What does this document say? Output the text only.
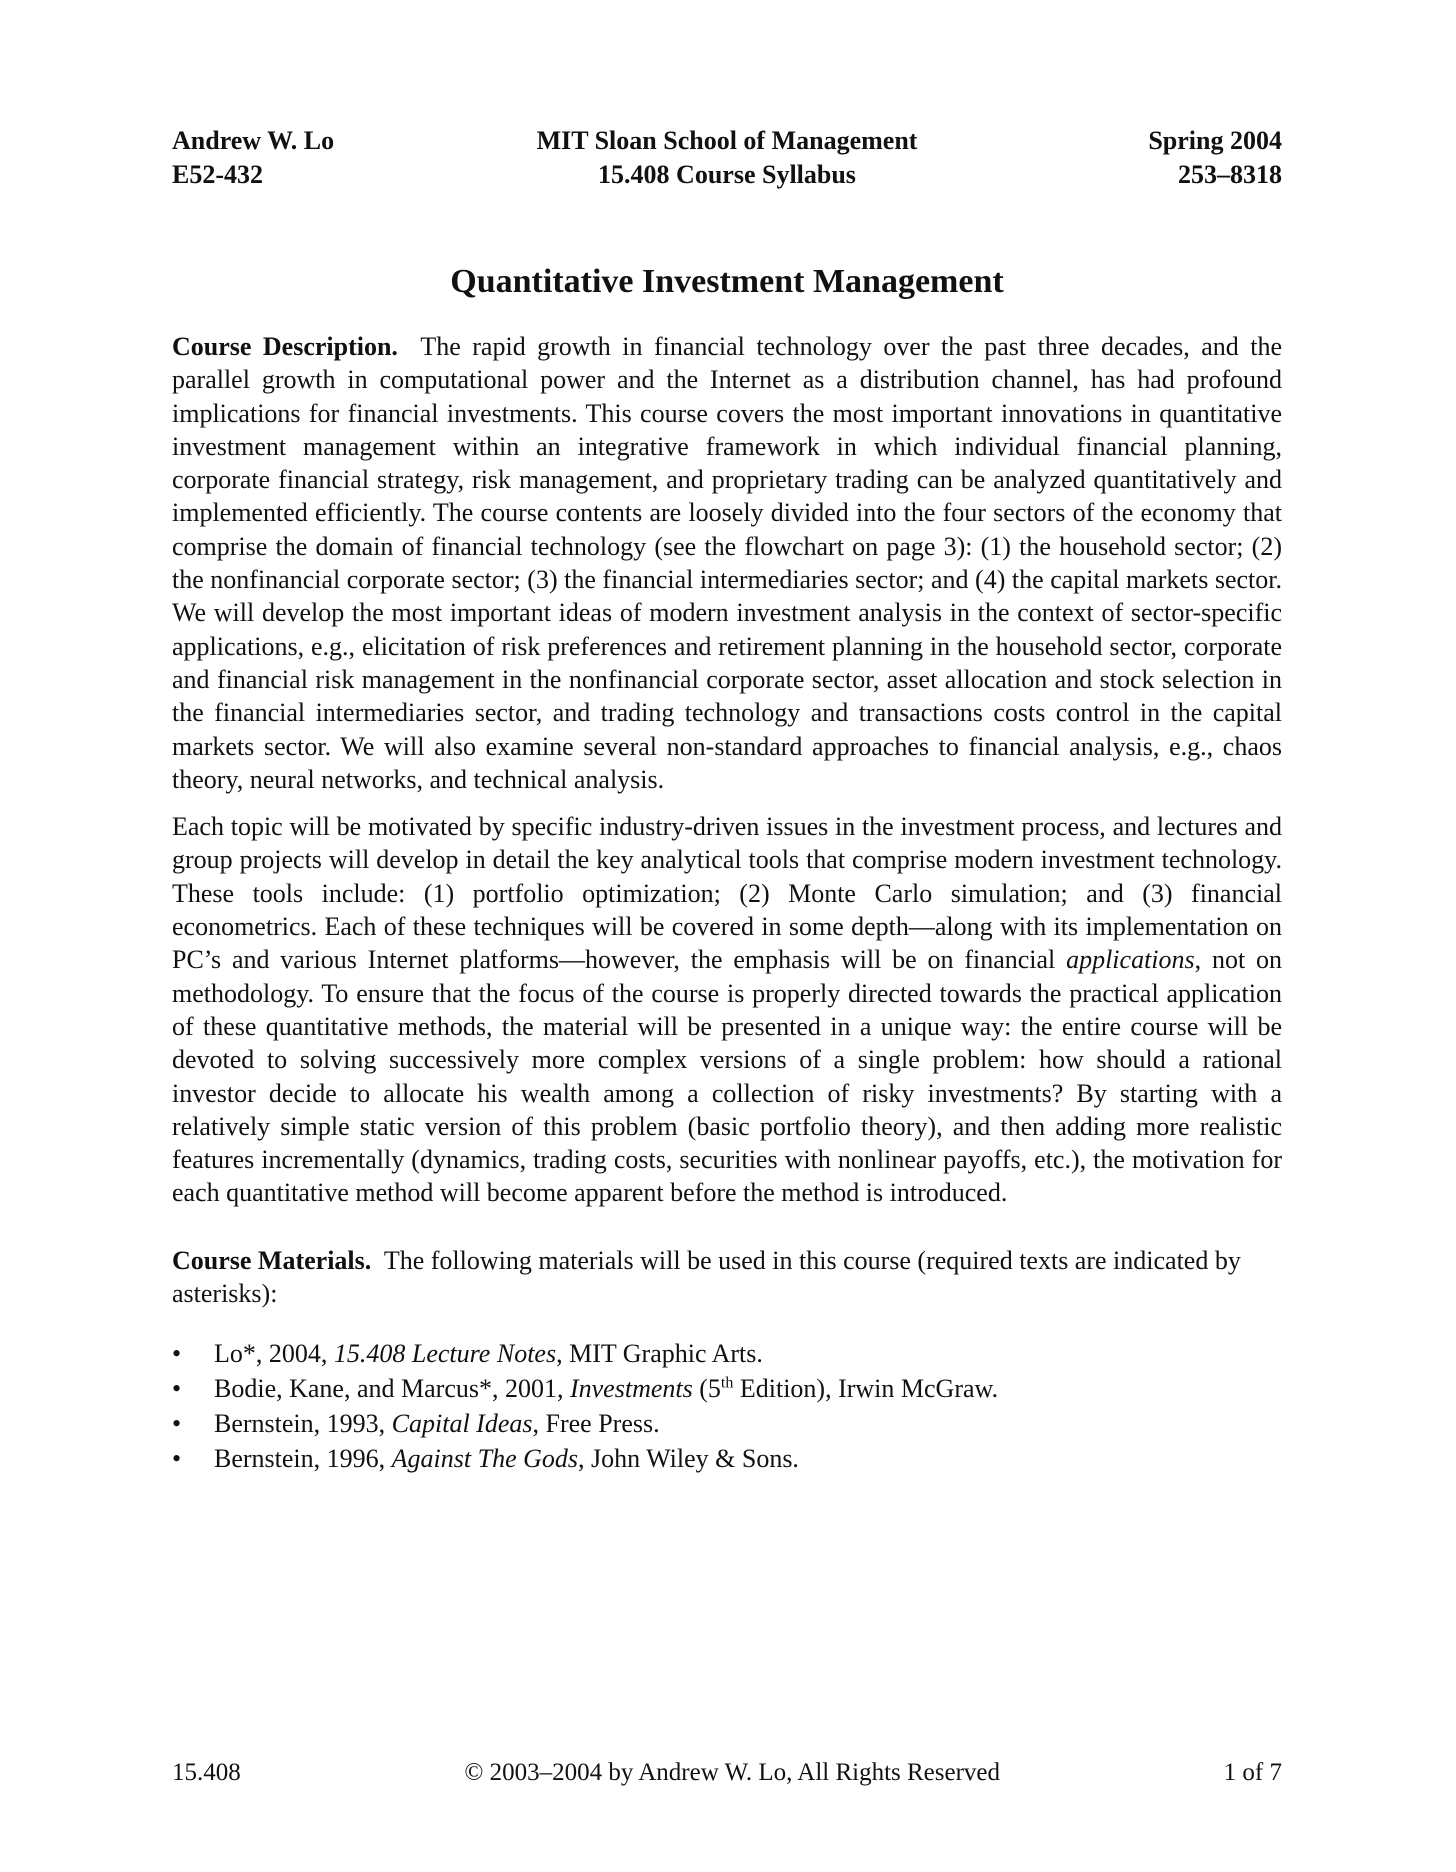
Andrew W. Lo
E52-432
MIT Sloan School of Management
15.408 Course Syllabus
Spring 2004
253–8318
Quantitative Investment Management

Course Description. The rapid growth in financial technology over the past three decades, and the parallel growth in computational power and the Internet as a distribution channel, has had profound implications for financial investments. This course covers the most important innovations in quantitative investment management within an integrative framework in which individual financial planning, corporate financial strategy, risk management, and proprietary trading can be analyzed quantitatively and implemented efficiently. The course contents are loosely divided into the four sectors of the economy that comprise the domain of financial technology (see the flowchart on page 3): (1) the household sector; (2) the nonfinancial corporate sector; (3) the financial intermediaries sector; and (4) the capital markets sector. We will develop the most important ideas of modern investment analysis in the context of sector-specific applications, e.g., elicitation of risk preferences and retirement planning in the household sector, corporate and financial risk management in the nonfinancial corporate sector, asset allocation and stock selection in the financial intermediaries sector, and trading technology and transactions costs control in the capital markets sector. We will also examine several non-standard approaches to financial analysis, e.g., chaos theory, neural networks, and technical analysis.

Each topic will be motivated by specific industry-driven issues in the investment process, and lectures and group projects will develop in detail the key analytical tools that comprise modern investment technology. These tools include: (1) portfolio optimization; (2) Monte Carlo simulation; and (3) financial econometrics. Each of these techniques will be covered in some depth—along with its implementation on PC’s and various Internet platforms—however, the emphasis will be on financial applications, not on methodology. To ensure that the focus of the course is properly directed towards the practical application of these quantitative methods, the material will be presented in a unique way: the entire course will be devoted to solving successively more complex versions of a single problem: how should a rational investor decide to allocate his wealth among a collection of risky investments? By starting with a relatively simple static version of this problem (basic portfolio theory), and then adding more realistic features incrementally (dynamics, trading costs, securities with nonlinear payoffs, etc.), the motivation for each quantitative method will become apparent before the method is introduced.

Course Materials. The following materials will be used in this course (required texts are indicated by asterisks):

• Lo*, 2004, 15.408 Lecture Notes, MIT Graphic Arts.
• Bodie, Kane, and Marcus*, 2001, Investments (5th Edition), Irwin McGraw.
• Bernstein, 1993, Capital Ideas, Free Press.
• Bernstein, 1996, Against The Gods, John Wiley & Sons.
15.408	© 2003–2004 by Andrew W. Lo, All Rights Reserved	1 of 7
